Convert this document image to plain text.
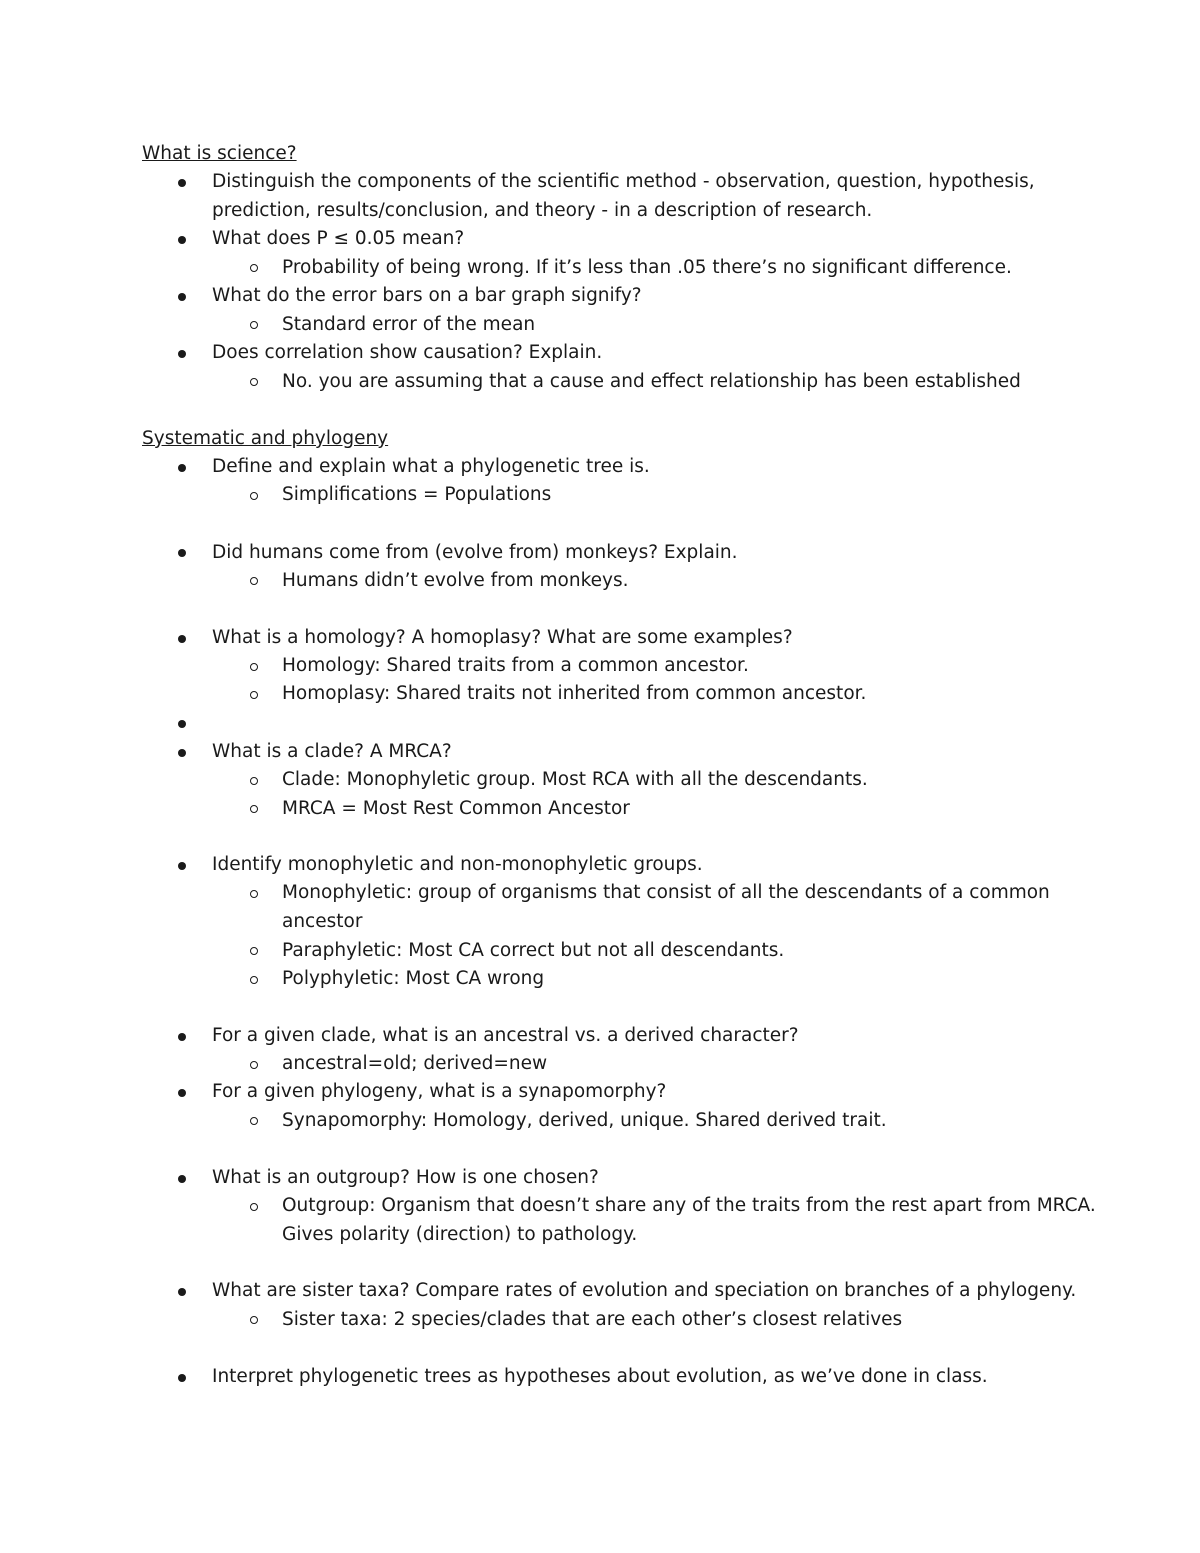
What is science?
Distinguish the components of the scientific method - observation, question, hypothesis,
prediction, results/conclusion, and theory - in a description of research.
What does P ≤ 0.05 mean?
Probability of being wrong. If it’s less than .05 there’s no significant difference.
What do the error bars on a bar graph signify?
Standard error of the mean
Does correlation show causation? Explain.
No. you are assuming that a cause and effect relationship has been established
Systematic and phylogeny
Define and explain what a phylogenetic tree is.
Simplifications = Populations
Did humans come from (evolve from) monkeys? Explain.
Humans didn’t evolve from monkeys.
What is a homology? A homoplasy? What are some examples?
Homology: Shared traits from a common ancestor.
Homoplasy: Shared traits not inherited from common ancestor.
What is a clade? A MRCA?
Clade: Monophyletic group. Most RCA with all the descendants.
MRCA = Most Rest Common Ancestor
Identify monophyletic and non-monophyletic groups.
Monophyletic: group of organisms that consist of all the descendants of a common
ancestor
Paraphyletic: Most CA correct but not all descendants.
Polyphyletic: Most CA wrong
For a given clade, what is an ancestral vs. a derived character?
ancestral=old; derived=new
For a given phylogeny, what is a synapomorphy?
Synapomorphy: Homology, derived, unique. Shared derived trait.
What is an outgroup? How is one chosen?
Outgroup: Organism that doesn’t share any of the traits from the rest apart from MRCA.
Gives polarity (direction) to pathology.
What are sister taxa? Compare rates of evolution and speciation on branches of a phylogeny.
Sister taxa: 2 species/clades that are each other’s closest relatives
Interpret phylogenetic trees as hypotheses about evolution, as we’ve done in class.
